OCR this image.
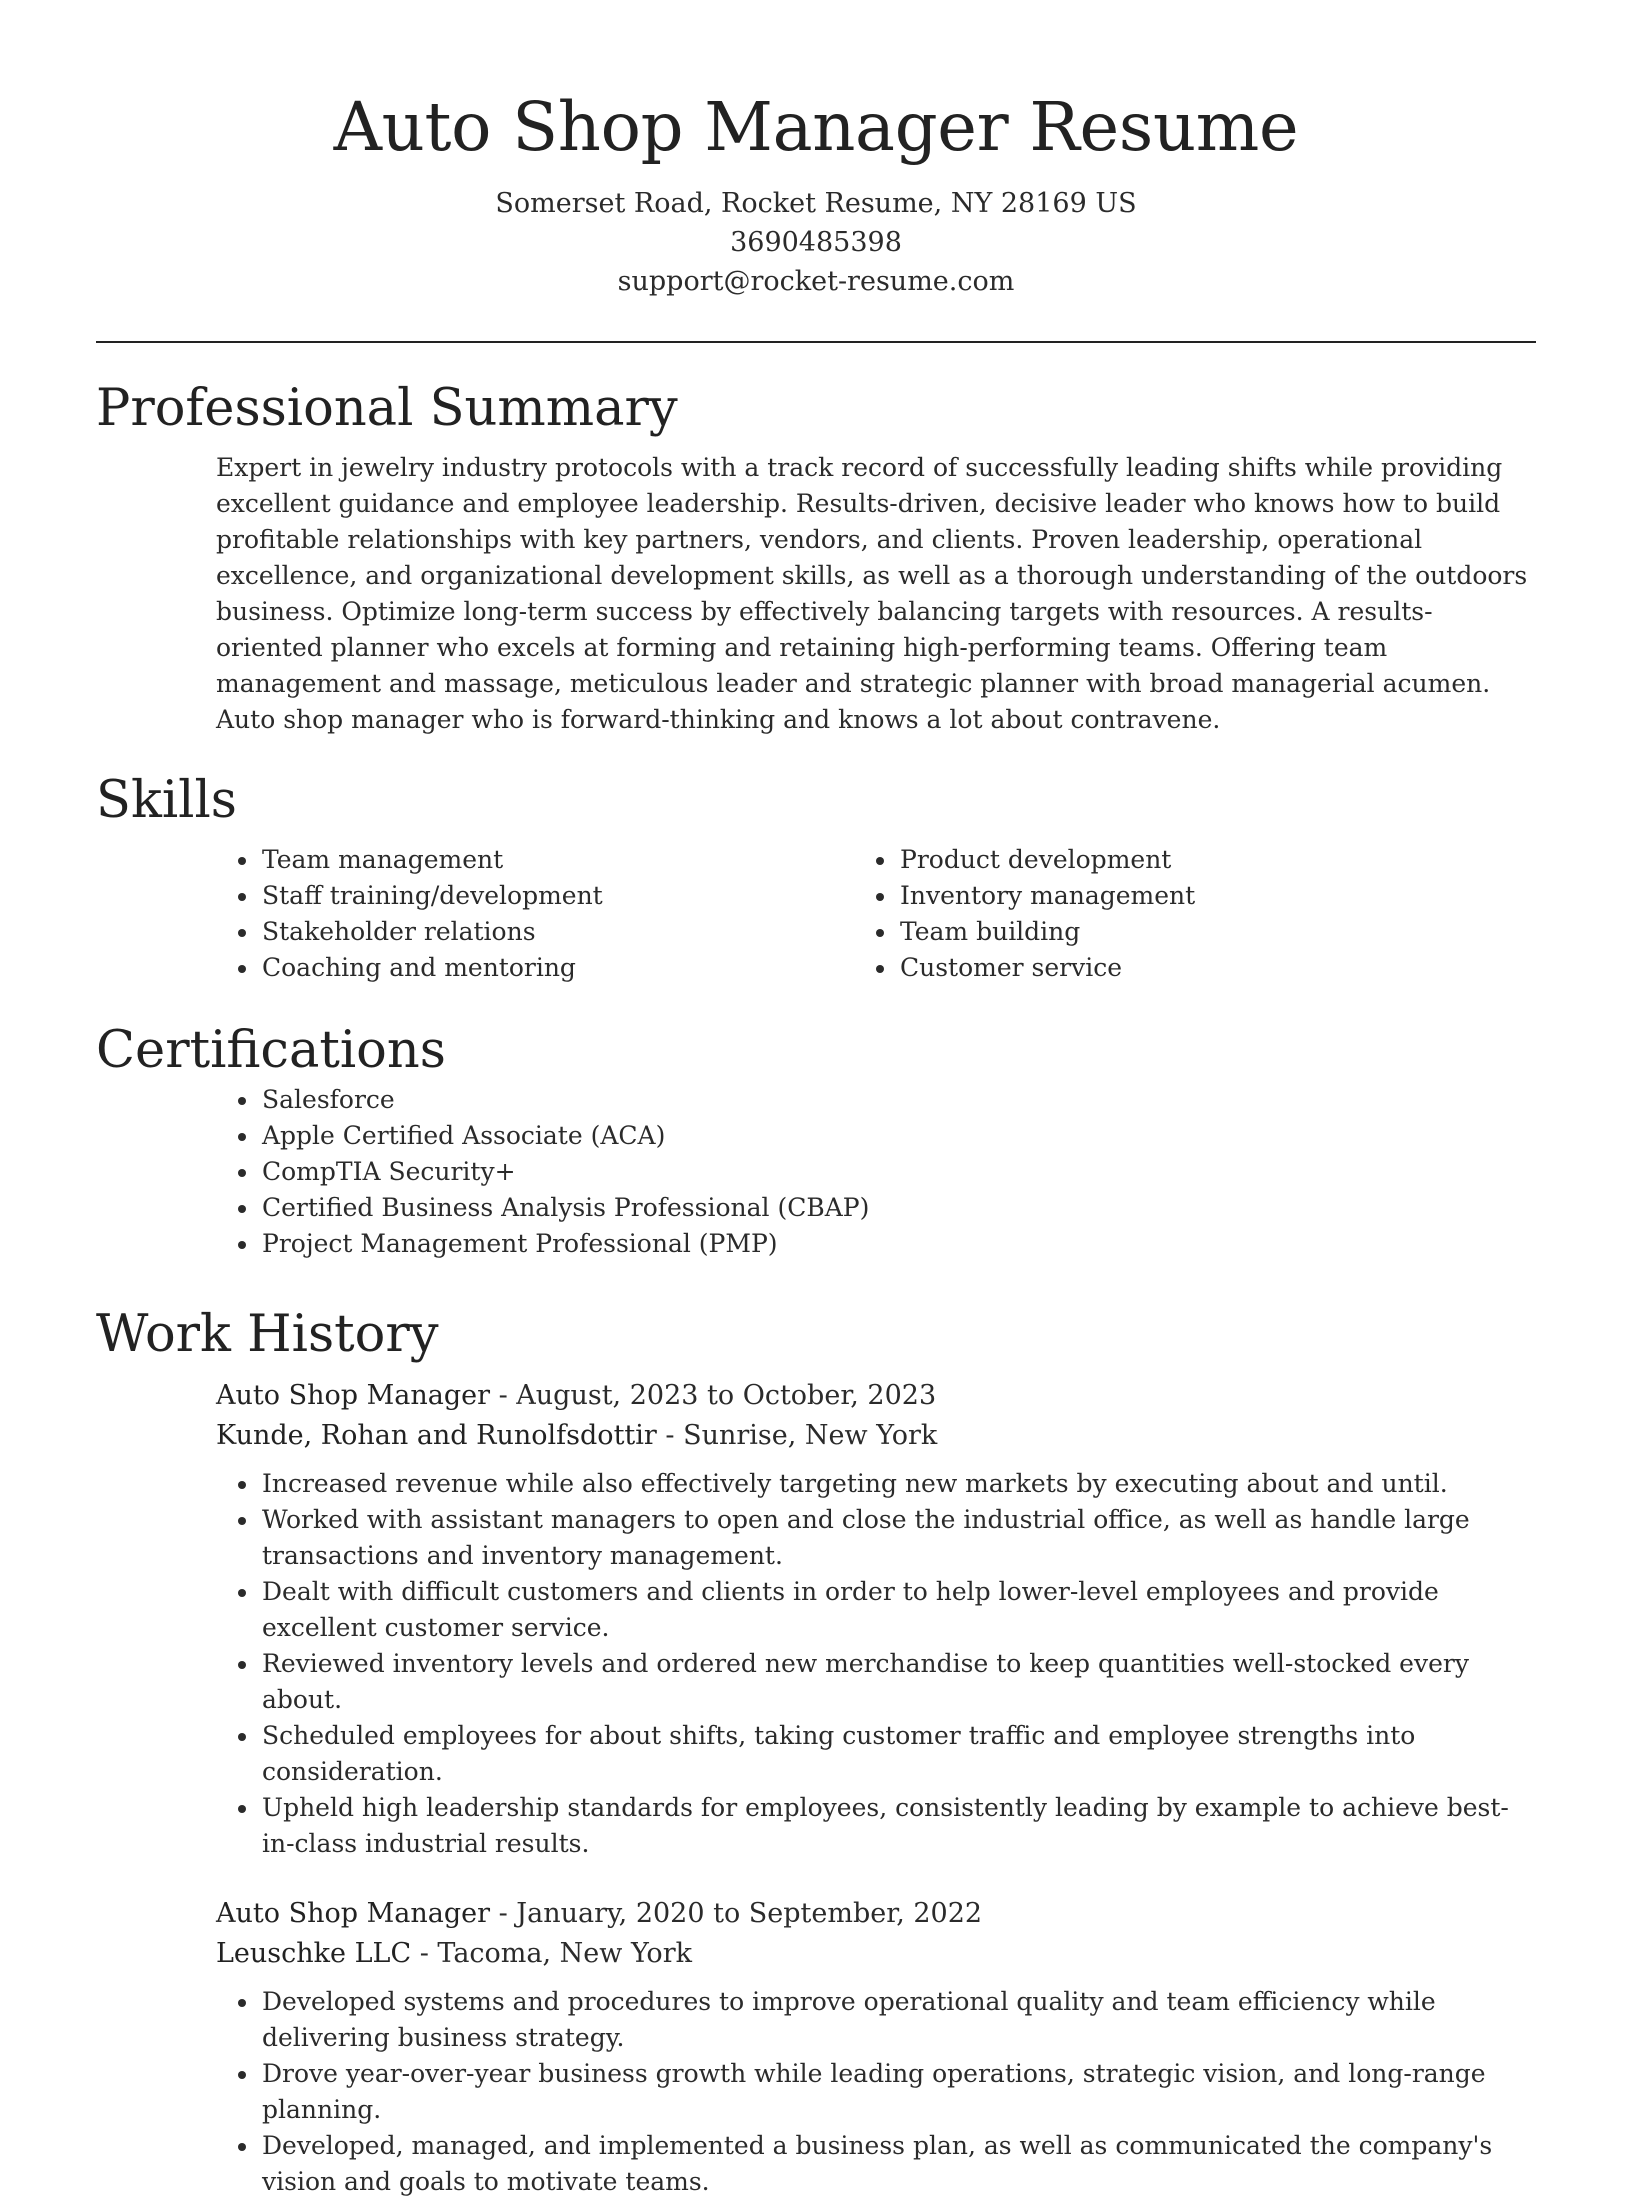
Auto Shop Manager Resume
Somerset Road, Rocket Resume, NY 28169 US
3690485398
support@rocket-resume.com
Professional Summary
Expert in jewelry industry protocols with a track record of successfully leading shifts while providing excellent guidance and employee leadership. Results-driven, decisive leader who knows how to build profitable relationships with key partners, vendors, and clients. Proven leadership, operational excellence, and organizational development skills, as well as a thorough understanding of the outdoors business. Optimize long-term success by effectively balancing targets with resources. A results-oriented planner who excels at forming and retaining high-performing teams. Offering team management and massage, meticulous leader and strategic planner with broad managerial acumen. Auto shop manager who is forward-thinking and knows a lot about contravene.
Skills
• Team management
• Staff training/development
• Stakeholder relations
• Coaching and mentoring
• Product development
• Inventory management
• Team building
• Customer service
Certifications
• Salesforce
• Apple Certified Associate (ACA)
• CompTIA Security+
• Certified Business Analysis Professional (CBAP)
• Project Management Professional (PMP)
Work History
Auto Shop Manager - August, 2023 to October, 2023
Kunde, Rohan and Runolfsdottir - Sunrise, New York
• Increased revenue while also effectively targeting new markets by executing about and until.
• Worked with assistant managers to open and close the industrial office, as well as handle large transactions and inventory management.
• Dealt with difficult customers and clients in order to help lower-level employees and provide excellent customer service.
• Reviewed inventory levels and ordered new merchandise to keep quantities well-stocked every about.
• Scheduled employees for about shifts, taking customer traffic and employee strengths into consideration.
• Upheld high leadership standards for employees, consistently leading by example to achieve best-in-class industrial results.
Auto Shop Manager - January, 2020 to September, 2022
Leuschke LLC - Tacoma, New York
• Developed systems and procedures to improve operational quality and team efficiency while delivering business strategy.
• Drove year-over-year business growth while leading operations, strategic vision, and long-range planning.
• Developed, managed, and implemented a business plan, as well as communicated the company's vision and goals to motivate teams.
